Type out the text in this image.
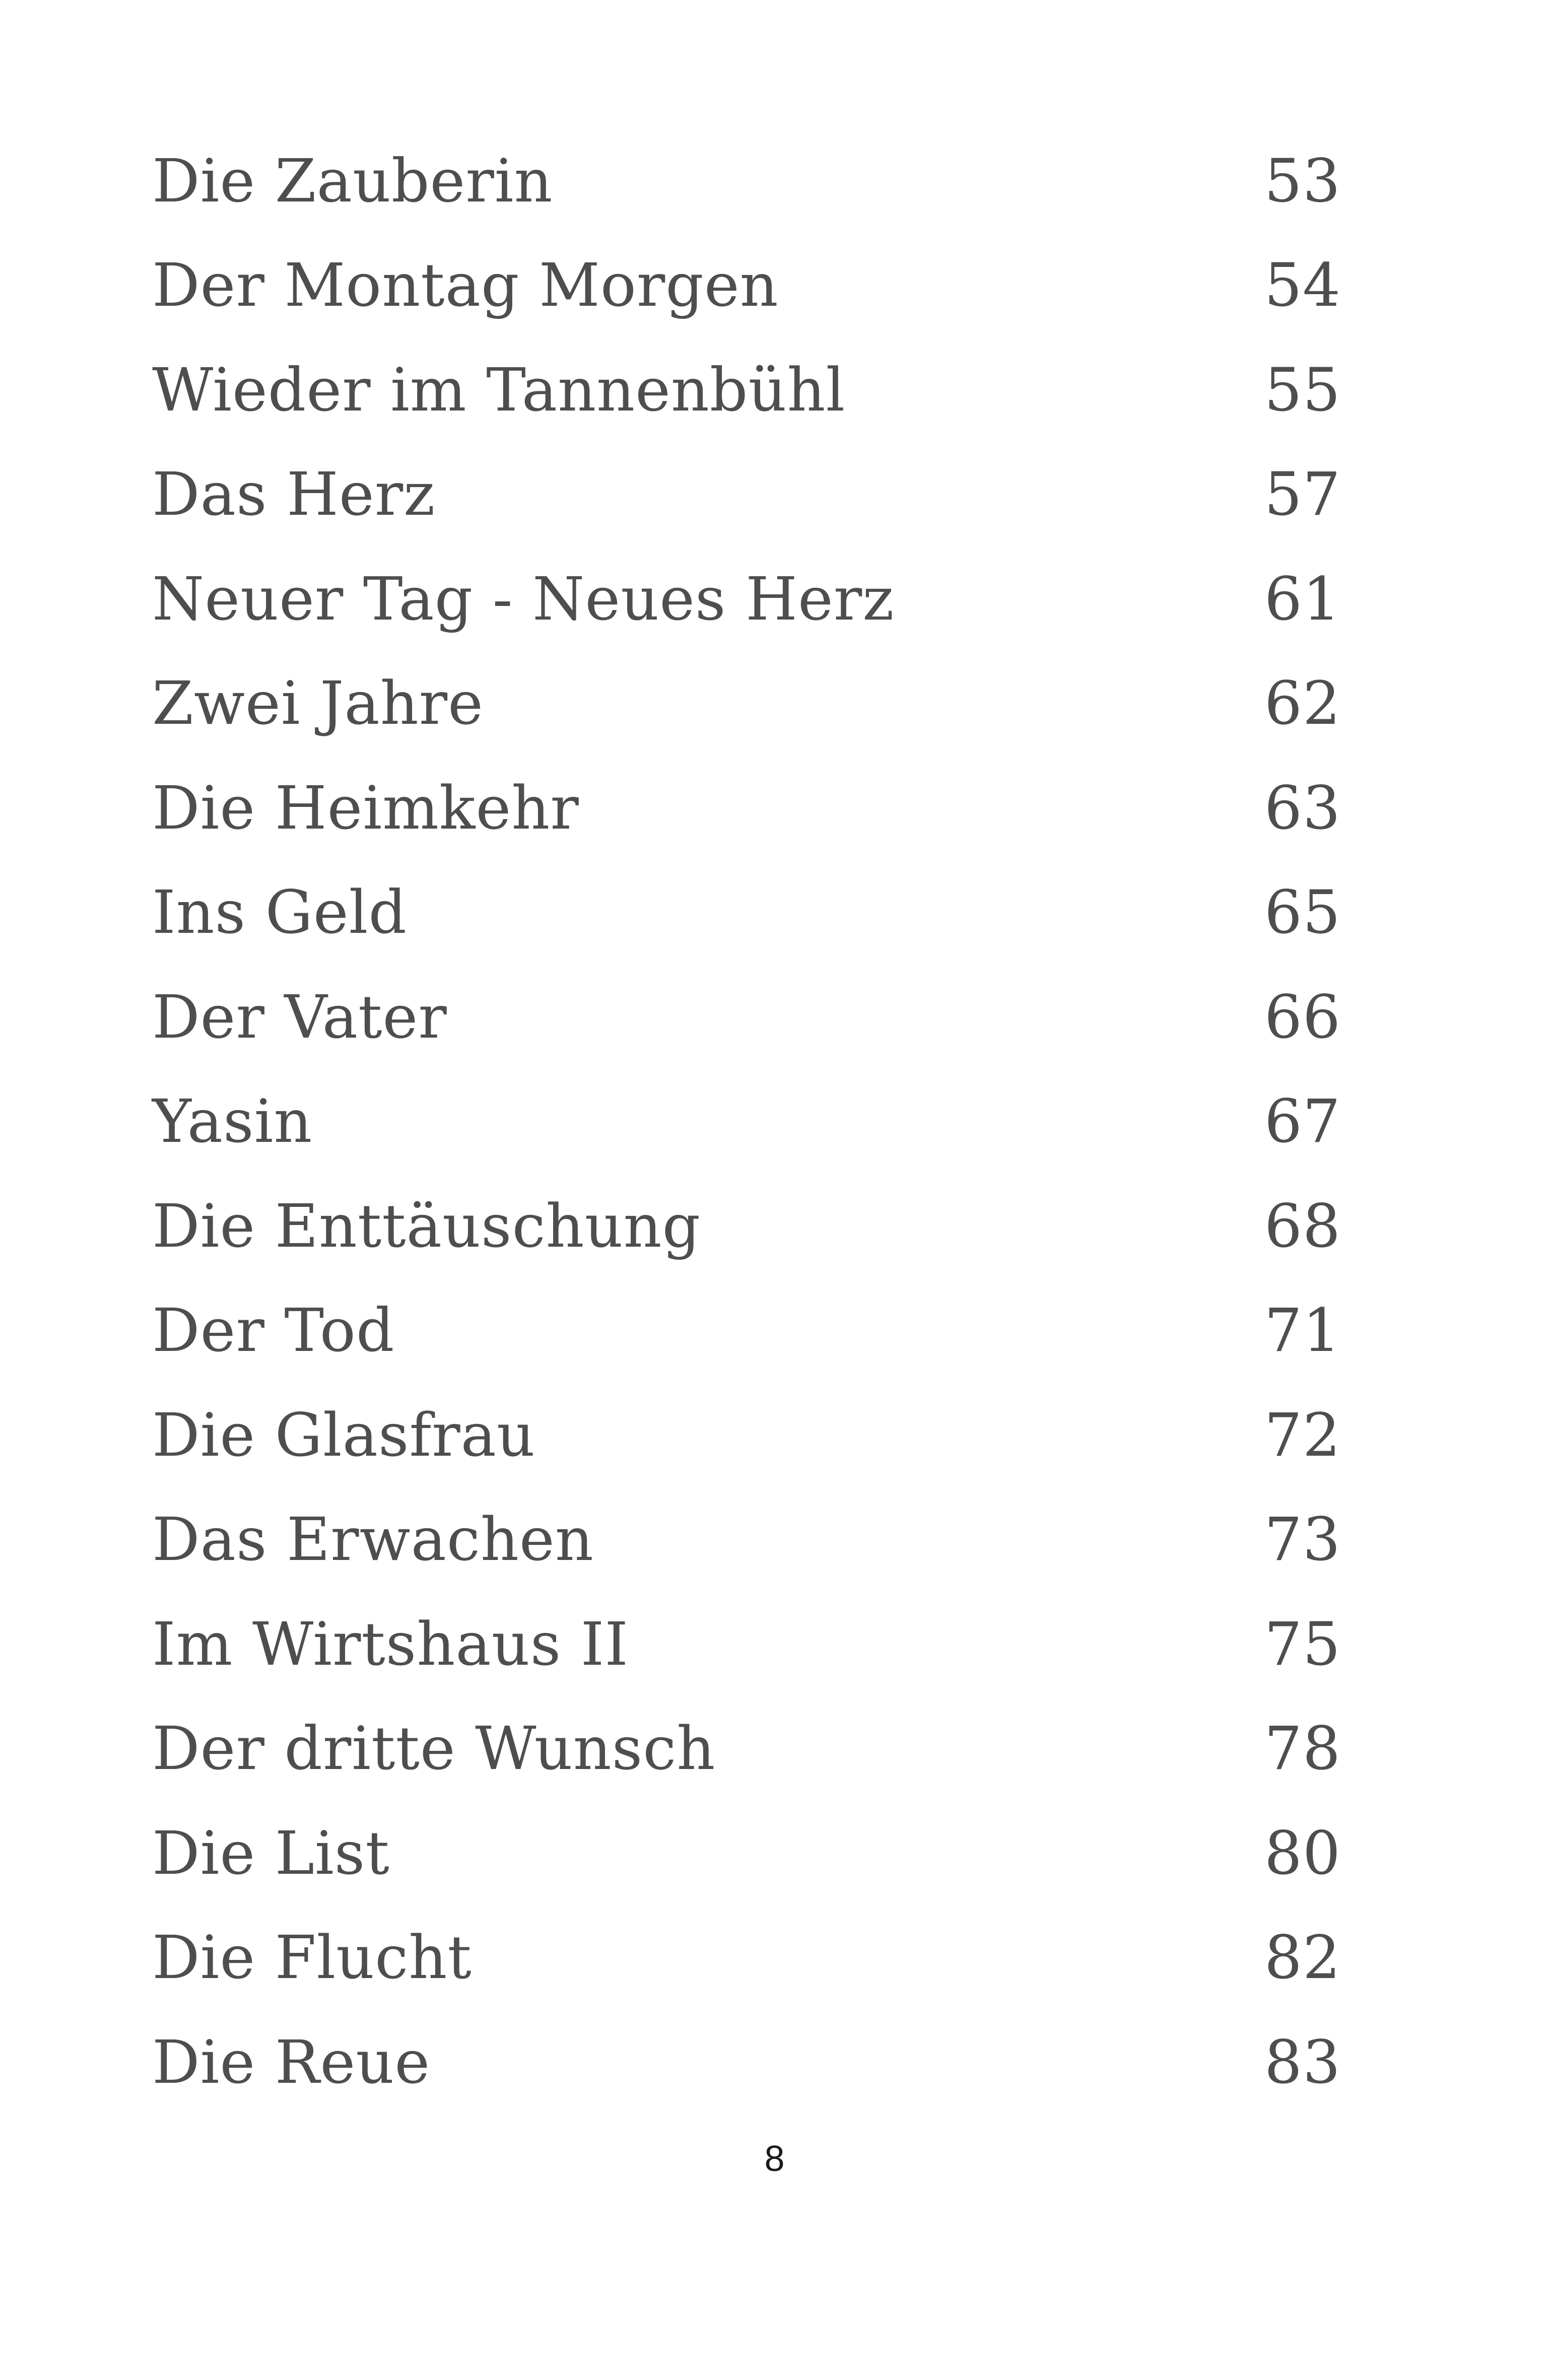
Die Zauberin	53
Der Montag Morgen	54
Wieder im Tannenbühl	55
Das Herz	57
Neuer Tag - Neues Herz	61
Zwei Jahre	62
Die Heimkehr	63
Ins Geld	65
Der Vater	66
Yasin	67
Die Enttäuschung	68
Der Tod	71
Die Glasfrau	72
Das Erwachen	73
Im Wirtshaus II	75
Der dritte Wunsch	78
Die List	80
Die Flucht	82
Die Reue	83
8
